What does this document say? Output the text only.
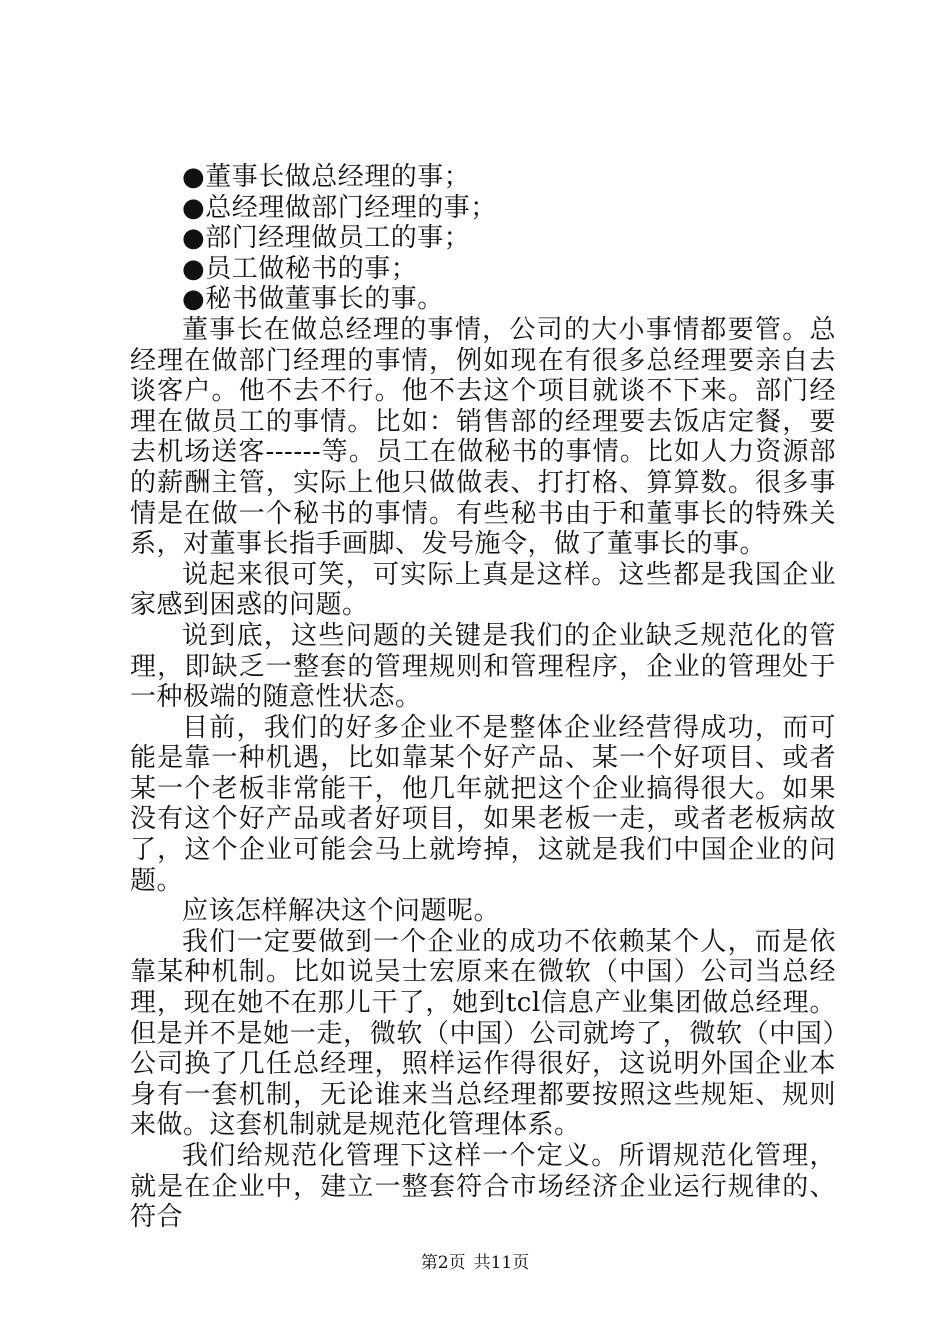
●董事长做总经理的事；
●总经理做部门经理的事；
●部门经理做员工的事；
●员工做秘书的事；
●秘书做董事长的事。

董事长在做总经理的事情，公司的大小事情都要管。总经理在做部门经理的事情，例如现在有很多总经理要亲自去谈客户。他不去不行。他不去这个项目就谈不下来。部门经理在做员工的事情。比如：销售部的经理要去饭店定餐，要去机场送客------等。员工在做秘书的事情。比如人力资源部的薪酬主管，实际上他只做做表、打打格、算算数。很多事情是在做一个秘书的事情。有些秘书由于和董事长的特殊关系，对董事长指手画脚、发号施令，做了董事长的事。

说起来很可笑，可实际上真是这样。这些都是我国企业家感到困惑的问题。

说到底，这些问题的关键是我们的企业缺乏规范化的管理，即缺乏一整套的管理规则和管理程序，企业的管理处于一种极端的随意性状态。

目前，我们的好多企业不是整体企业经营得成功，而可能是靠一种机遇，比如靠某个好产品、某一个好项目、或者某一个老板非常能干，他几年就把这个企业搞得很大。如果没有这个好产品或者好项目，如果老板一走，或者老板病故了，这个企业可能会马上就垮掉，这就是我们中国企业的问题。

应该怎样解决这个问题呢。

我们一定要做到一个企业的成功不依赖某个人，而是依靠某种机制。比如说吴士宏原来在微软（中国）公司当总经理，现在她不在那儿干了，她到tcl信息产业集团做总经理。但是并不是她一走，微软（中国）公司就垮了，微软（中国）公司换了几任总经理，照样运作得很好，这说明外国企业本身有一套机制，无论谁来当总经理都要按照这些规矩、规则来做。这套机制就是规范化管理体系。

我们给规范化管理下这样一个定义。所谓规范化管理，就是在企业中，建立一整套符合市场经济企业运行规律的、符合

第2页 共11页
